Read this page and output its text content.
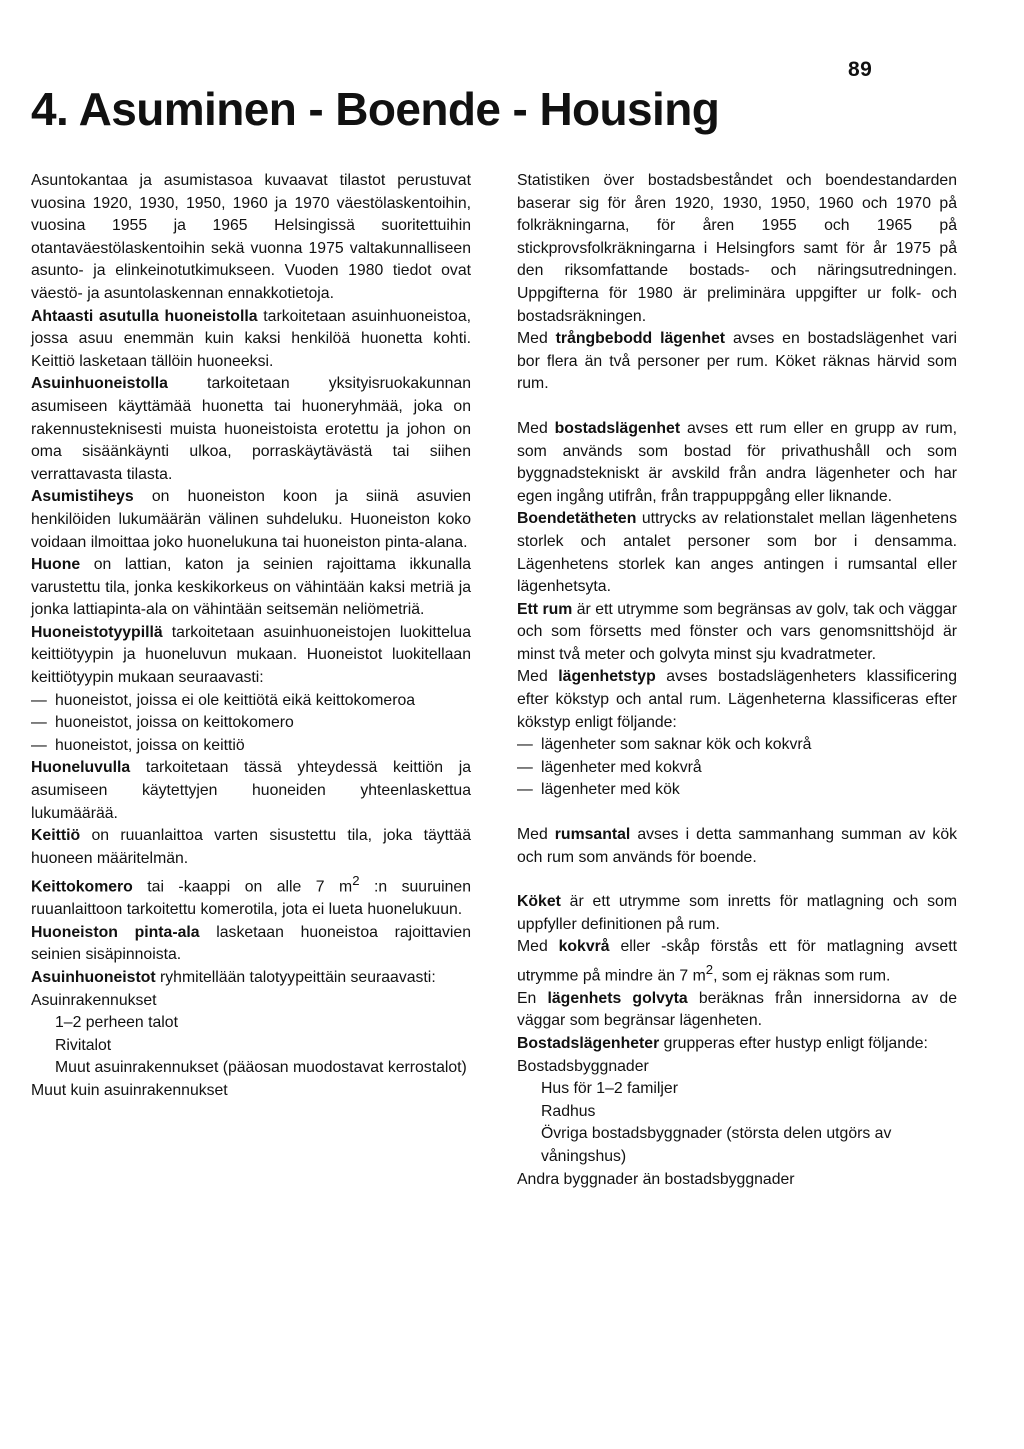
89
4. Asuminen - Boende - Housing

Asuntokantaa ja asumistasoa kuvaavat tilastot perustuvat vuosina 1920, 1930, 1950, 1960 ja 1970 väestölaskentoihin, vuosina 1955 ja 1965 Helsingissä suoritettuihin otantaväestölaskentoihin sekä vuonna 1975 valtakunnalliseen asunto- ja elinkeinotutkimukseen. Vuoden 1980 tiedot ovat väestö- ja asuntolaskennan ennakkotietoja.

Ahtaasti asutulla huoneistolla tarkoitetaan asuinhuoneistoa, jossa asuu enemmän kuin kaksi henkilöä huonetta kohti. Keittiö lasketaan tällöin huoneeksi.

Asuinhuoneistolla tarkoitetaan yksityisruokakunnan asumiseen käyttämää huonetta tai huoneryhmää, joka on rakennusteknisesti muista huoneistoista erotettu ja johon on oma sisäänkäynti ulkoa, porraskäytävästä tai siihen verrattavasta tilasta.

Asumistiheys on huoneiston koon ja siinä asuvien henkilöiden lukumäärän välinen suhdeluku. Huoneiston koko voidaan ilmoittaa joko huonelukuna tai huoneiston pinta-alana.

Huone on lattian, katon ja seinien rajoittama ikkunalla varustettu tila, jonka keskikorkeus on vähintään kaksi metriä ja jonka lattiapinta-ala on vähintään seitsemän neliömetriä.

Huoneistotyypillä tarkoitetaan asuinhuoneistojen luokittelua keittiötyypin ja huoneluvun mukaan. Huoneistot luokitellaan keittiötyypin mukaan seuraavasti:

— huoneistot, joissa ei ole keittiötä eikä keittokomeroa
— huoneistot, joissa on keittokomero
— huoneistot, joissa on keittiö

Huoneluvulla tarkoitetaan tässä yhteydessä keittiön ja asumiseen käytettyjen huoneiden yhteenlaskettua lukumäärää.

Keittiö on ruuanlaittoa varten sisustettu tila, joka täyttää huoneen määritelmän.

Keittokomero tai -kaappi on alle 7 $m^2$ :n suuruinen ruuanlaittoon tarkoitettu komerotila, jota ei lueta huonelukuun.

Huoneiston pinta-ala lasketaan huoneistoa rajoittavien seinien sisäpinnoista.

Asuinhuoneistot ryhmitellään talotyypeittäin seuraavasti:

Asuinrakennukset
1–2 perheen talot
Rivitalot
Muut asuinrakennukset (pääosan muodostavat kerrostalot)
Muut kuin asuinrakennukset

Statistiken över bostadsbeståndet och boendestandarden baserar sig för åren 1920, 1930, 1950, 1960 och 1970 på folkräkningarna, för åren 1955 och 1965 på stickprovsfolkräkningarna i Helsingfors samt för år 1975 på den riksomfattande bostads- och näringsutredningen. Uppgifterna för 1980 är preliminära uppgifter ur folk- och bostadsräkningen.

Med trångbebodd lägenhet avses en bostadslägenhet vari bor flera än två personer per rum. Köket räknas härvid som rum.

Med bostadslägenhet avses ett rum eller en grupp av rum, som används som bostad för privathushåll och som byggnadstekniskt är avskild från andra lägenheter och har egen ingång utifrån, från trappuppgång eller liknande.

Boendetätheten uttrycks av relationstalet mellan lägenhetens storlek och antalet personer som bor i densamma. Lägenhetens storlek kan anges antingen i rumsantal eller lägenhetsyta.

Ett rum är ett utrymme som begränsas av golv, tak och väggar och som försetts med fönster och vars genomsnittshöjd är minst två meter och golvyta minst sju kvadratmeter.

Med lägenhetstyp avses bostadslägenheters klassificering efter kökstyp och antal rum. Lägenheterna klassificeras efter kökstyp enligt följande:

— lägenheter som saknar kök och kokvrå
— lägenheter med kokvrå
— lägenheter med kök

Med rumsantal avses i detta sammanhang summan av kök och rum som används för boende.

Köket är ett utrymme som inretts för matlagning och som uppfyller definitionen på rum.

Med kokvrå eller -skåp förstås ett för matlagning avsett utrymme på mindre än 7 $m^2$, som ej räknas som rum.

En lägenhets golvyta beräknas från innersidorna av de väggar som begränsar lägenheten.

Bostadslägenheter grupperas efter hustyp enligt följande:

Bostadsbyggnader
Hus för 1–2 familjer
Radhus
Övriga bostadsbyggnader (största delen utgörs av våningshus)
Andra byggnader än bostadsbyggnader
